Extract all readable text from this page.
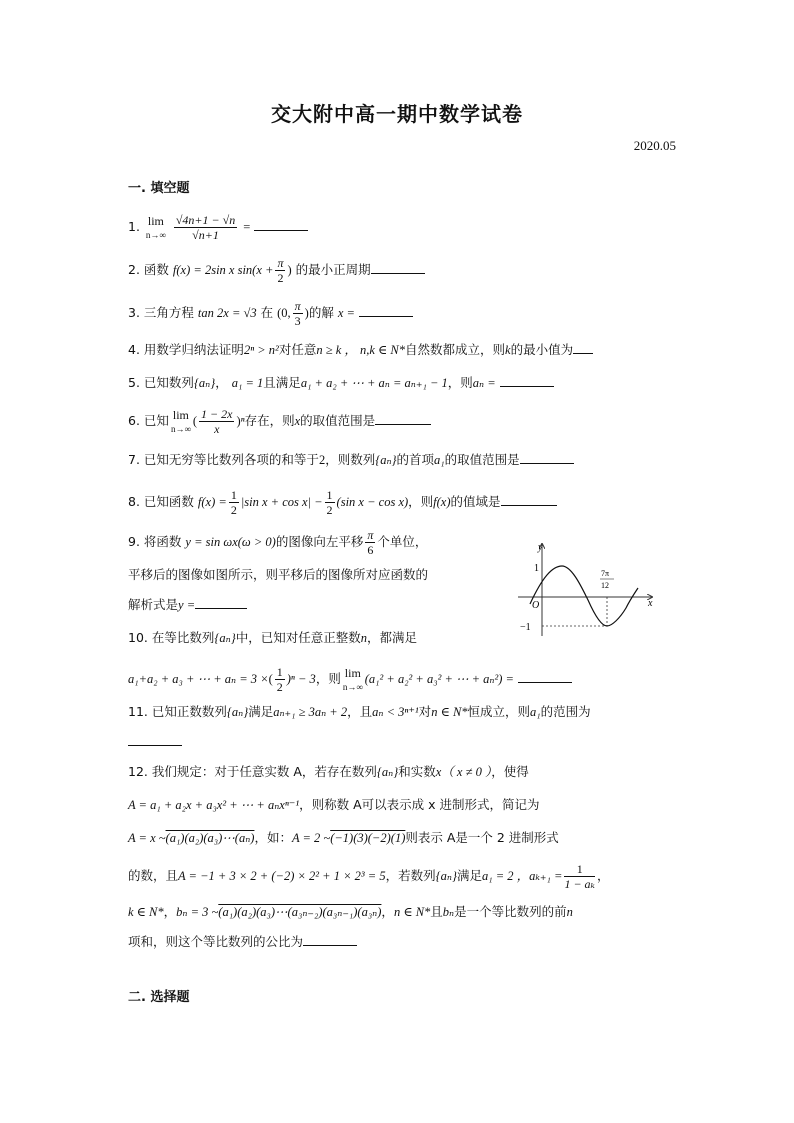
交大附中高一期中数学试卷
2020.05
一. 填空题
1. lim
n→∞
$\frac{√4n+1 - √n}{√n+1}$ =
2. 函数 f(x) = 2sin x $\sin(x + \frac{\pi}{2}$ ) 的最小正周期
3. 三角方程 tan 2x = √3 在 (0, $\frac{\pi}{3}$ )的解 x =
4. 用数学归纳法证明2ⁿ > n²对任意n ≥ k ， n,k ∈ N*自然数都成立，则k的最小值为
5. 已知数列{aₙ}， a₁ = 1且满足a₁ + a₂ + ⋯ + aₙ = aₙ₊₁ − 1，则aₙ =
6. 已知 lim
n→∞
( $\frac{1 - 2x}{x} )^n$存在，则x的取值范围是
7. 已知无穷等比数列各项的和等于2，则数列{aₙ}的首项a₁的取值范围是
8. 已知函数 $f(x) = \frac{1}{2} |\sin$ $x + \cos x| - \frac{1}{2} (\sin$ x − cos x)，则f(x)的值域是
9. 将函数 y = sin ωx(ω > 0)的图像向左平移 $\frac{\pi}{6}$ 个单位，
平移后的图像如图所示，则平移后的图像所对应函数的
解析式是y =
y
x
O
1
−1
7π
12
10. 在等比数列{aₙ}中，已知对任意正整数n，都满足
a₁+a₂ + a₃ + ⋯ + aₙ = 3 ×( $\frac{1}{2} )^n - 3$，则 lim
n→∞
(a₁² + a₂² + a₃² + ⋯ + aₙ²) =
11. 已知正数数列{aₙ}满足aₙ₊₁ ≥ 3aₙ + 2，且aₙ < 3ⁿ⁺¹对n ∈ N*恒成立，则a₁的范围为
12. 我们规定：对于任意实数 A，若存在数列{aₙ}和实数x（ x ≠ 0 ），使得
A = a₁ + a₂x + a₃x² + ⋯ + aₙxⁿ⁻¹，则称数 A可以表示成 x 进制形式，简记为
A = x ~(a₁)(a₂)(a₃)⋯(aₙ)，如：A = 2 ~(−1)(3)(−2)(1)则表示 A是一个 2 进制形式
的数，且A = −1 + 3 × 2 + (−2) × 2² + 1 × 2³ = 5，若数列{aₙ}满足a₁ = 2 ，$a_{k+1} = \frac{1}{\text{1 − aₖ}}$ ，
k ∈ N*，bₙ = 3 ~(a₁)(a₂)(a₃)⋯(a₃ₙ₋₂)(a₃ₙ₋₁)(a₃ₙ)，n ∈ N*且bₙ是一个等比数列的前n
项和，则这个等比数列的公比为
二. 选择题
